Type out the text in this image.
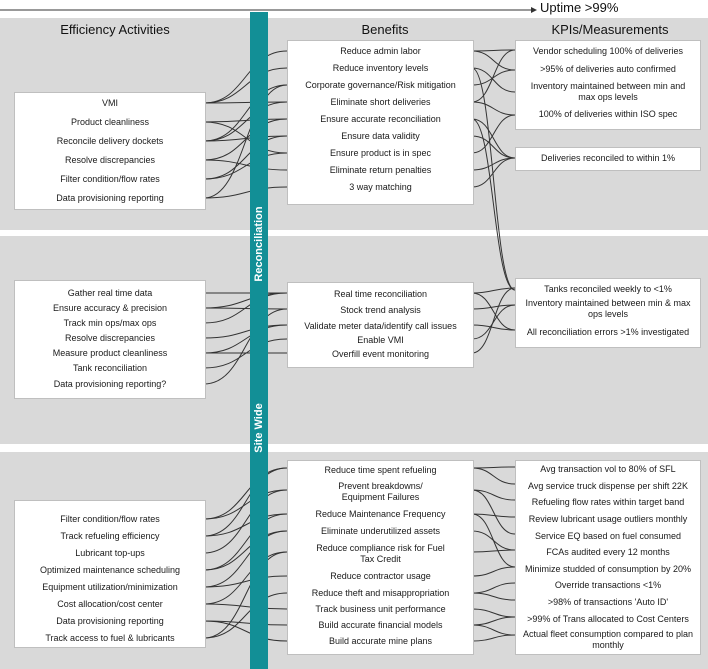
Uptime >99%
Efficiency Activities	Benefits	KPIs/Measurements
Reconciliation
Site Wide
VMI
Product cleanliness
Reconcile delivery dockets
Resolve discrepancies
Filter condition/flow rates
Data provisioning reporting
Reduce admin labor
Reduce inventory levels
Corporate governance/Risk mitigation
Eliminate short deliveries
Ensure accurate reconciliation
Ensure data validity
Ensure product is in spec
Eliminate return penalties
3 way matching
Vendor scheduling 100% of deliveries
>95% of deliveries auto confirmed
Inventory maintained between min and max ops levels
100% of deliveries within ISO spec
Deliveries reconciled to within 1%
Gather real time data
Ensure accuracy & precision
Track min ops/max ops
Resolve discrepancies
Measure product cleanliness
Tank reconciliation
Data provisioning reporting?
Real time reconciliation
Stock trend analysis
Validate meter data/identify call issues
Enable VMI
Overfill event monitoring
Tanks reconciled weekly to <1%
Inventory maintained between min & max ops levels
All reconciliation errors >1% investigated
Filter condition/flow rates
Track refueling efficiency
Lubricant top-ups
Optimized maintenance scheduling
Equipment utilization/minimization
Cost allocation/cost center
Data provisioning reporting
Track access to fuel & lubricants
Reduce time spent refueling
Prevent breakdowns/ Equipment Failures
Reduce Maintenance Frequency
Eliminate underutilized assets
Reduce compliance risk for Fuel Tax Credit
Reduce contractor usage
Reduce theft and misappropriation
Track business unit performance
Build accurate financial models
Build accurate mine plans
Avg transaction vol to 80% of SFL
Avg service truck dispense per shift 22K
Refueling flow rates within target band
Review lubricant usage outliers monthly
Service EQ based on fuel consumed
FCAs audited every 12 months
Minimize studded of consumption by 20%
Override transactions <1%
>98% of transactions 'Auto ID'
>99% of Trans allocated to Cost Centers
Actual fleet consumption compared to plan monthly
